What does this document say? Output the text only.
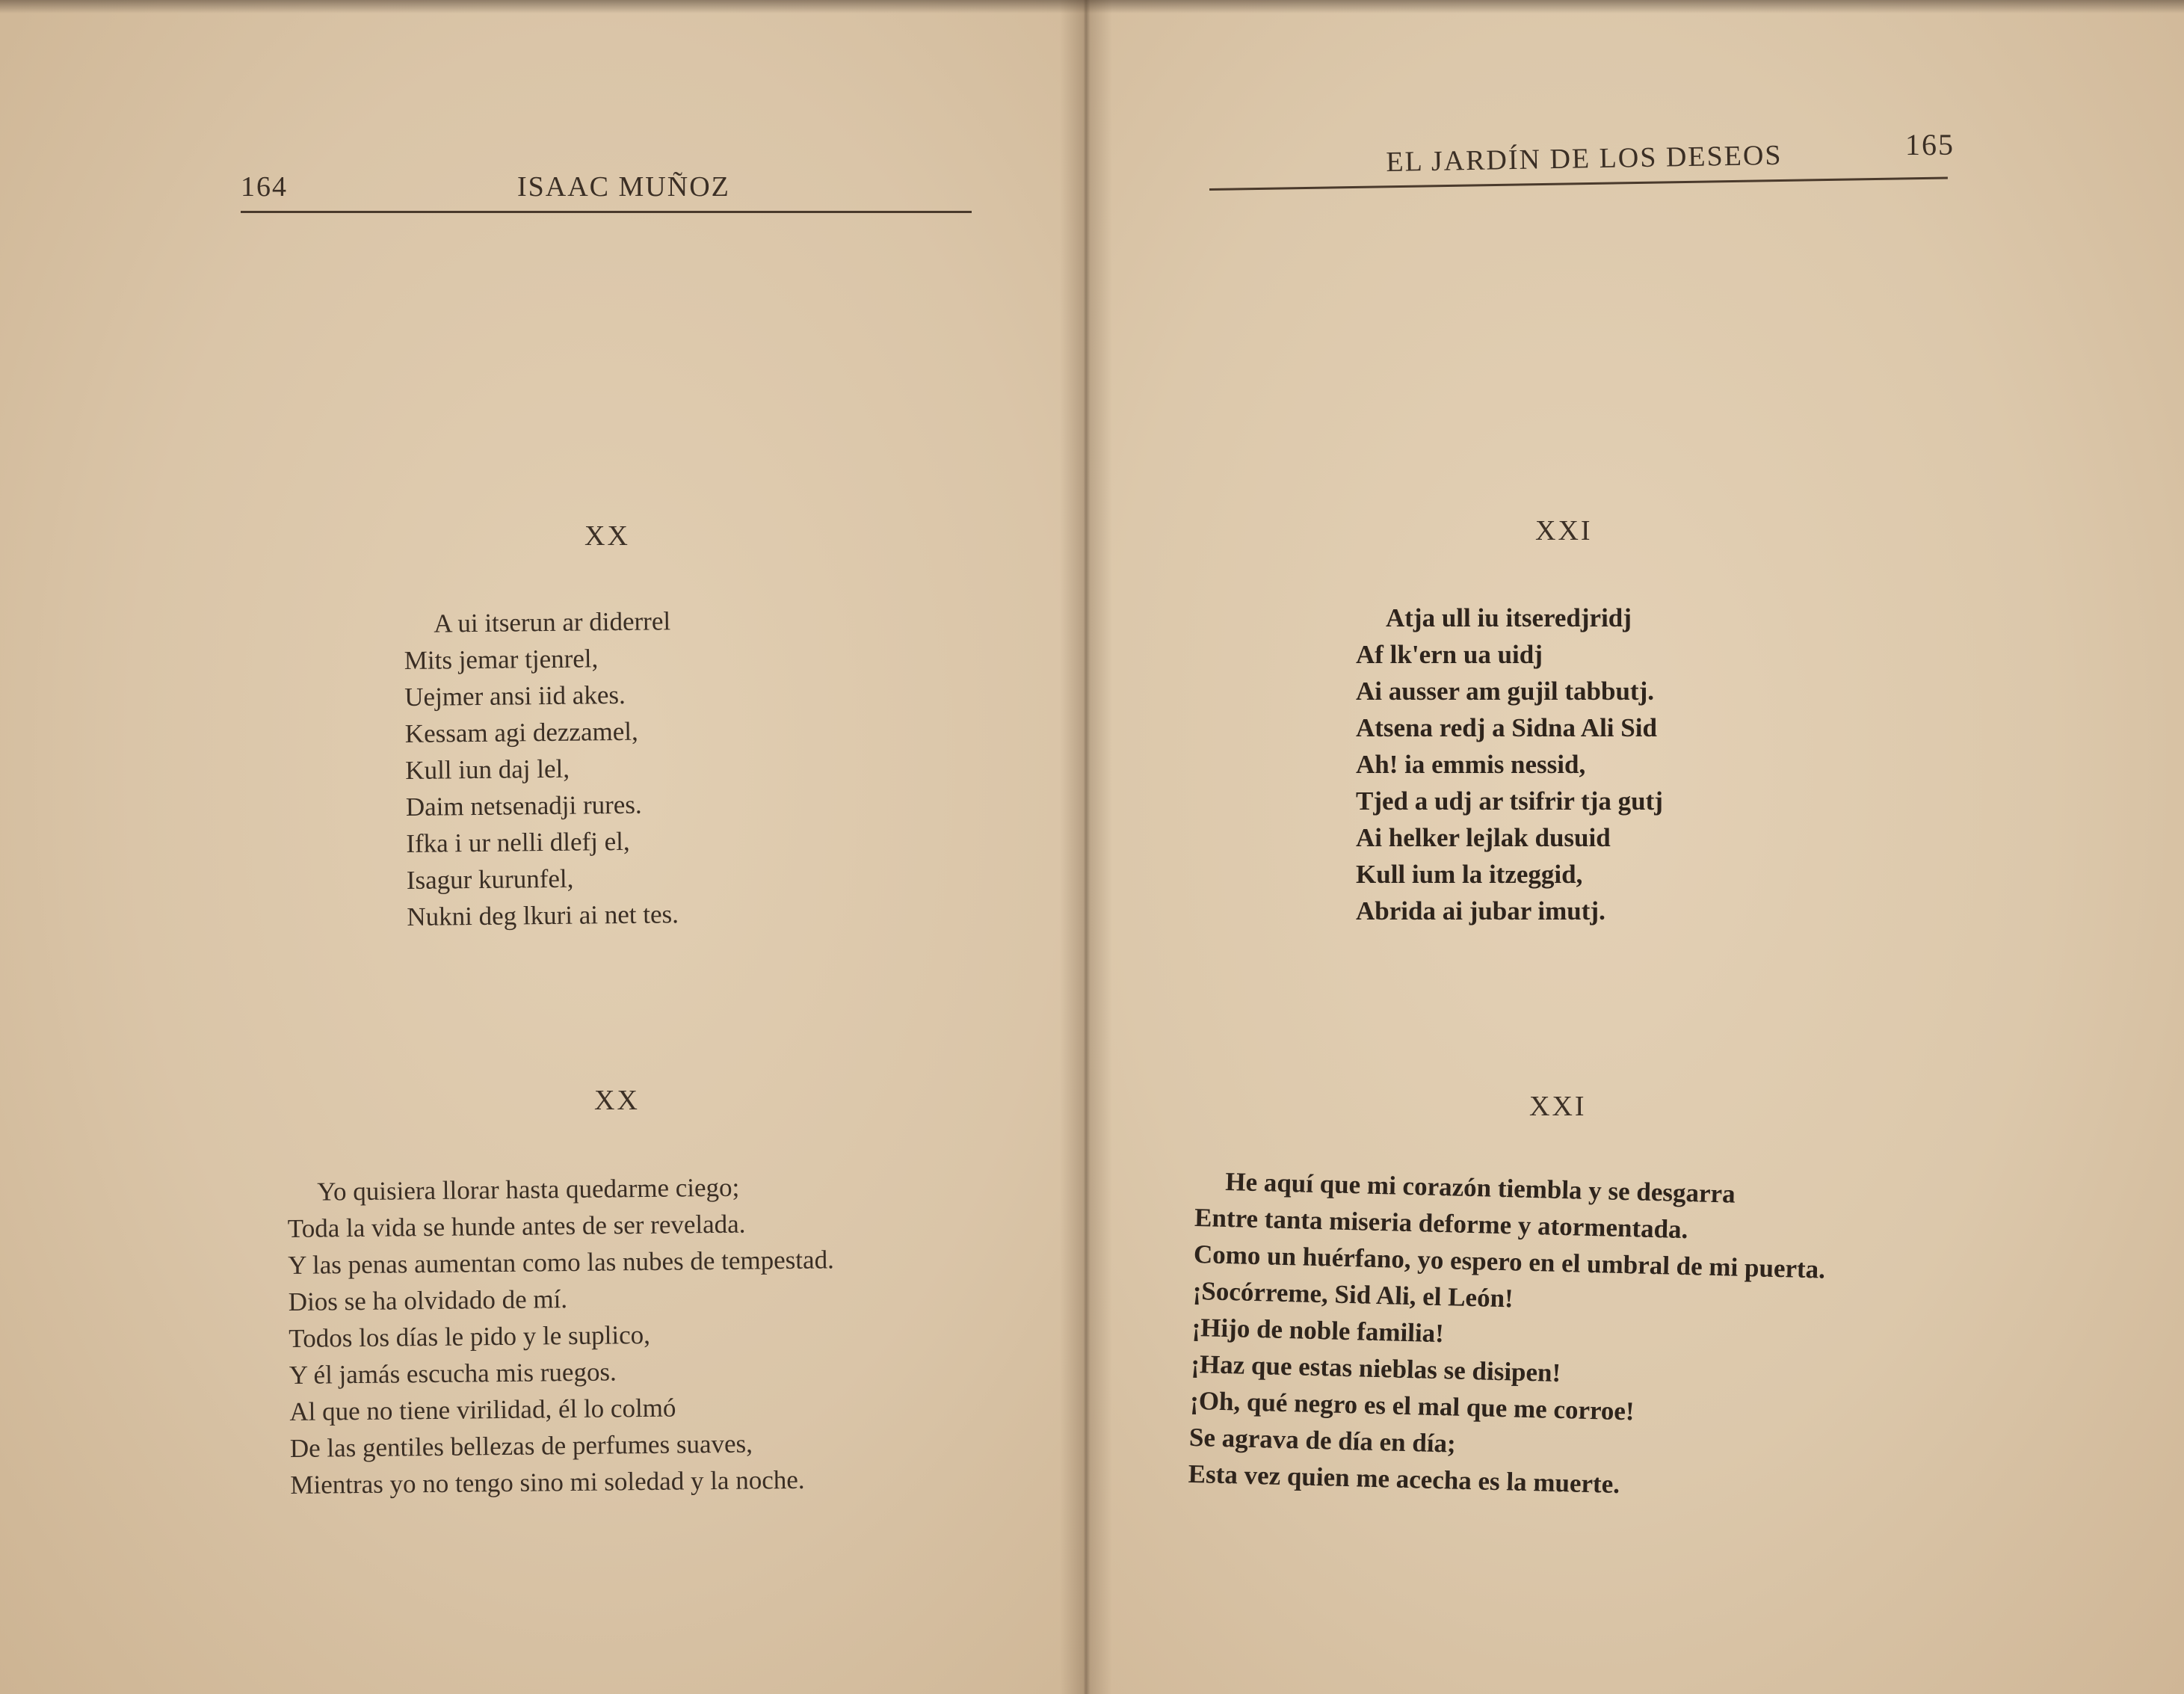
164	ISAAC MUÑOZ
XX
A ui itserun ar diderrel
Mits jemar tjenrel,
Uejmer ansi iid akes.
Kessam agi dezzamel,
Kull iun daj lel,
Daim netsenadji rures.
Ifka i ur nelli dlefj el,
Isagur kurunfel,
Nukni deg lkuri ai net tes.
XX
Yo quisiera llorar hasta quedarme ciego;
Toda la vida se hunde antes de ser revelada.
Y las penas aumentan como las nubes de tempestad.
Dios se ha olvidado de mí.
Todos los días le pido y le suplico,
Y él jamás escucha mis ruegos.
Al que no tiene virilidad, él lo colmó
De las gentiles bellezas de perfumes suaves,
Mientras yo no tengo sino mi soledad y la noche.
EL JARDÍN DE LOS DESEOS	165
XXI
Atja ull iu itseredjridj
Af lk'ern ua uidj
Ai ausser am gujil tabbutj.
Atsena redj a Sidna Ali Sid
Ah! ia emmis nessid,
Tjed a udj ar tsifrir tja gutj
Ai helker lejlak dusuid
Kull ium la itzeggid,
Abrida ai jubar imutj.
XXI
He aquí que mi corazón tiembla y se desgarra
Entre tanta miseria deforme y atormentada.
Como un huérfano, yo espero en el umbral de mi puerta.
¡Socórreme, Sid Ali, el León!
¡Hijo de noble familia!
¡Haz que estas nieblas se disipen!
¡Oh, qué negro es el mal que me corroe!
Se agrava de día en día;
Esta vez quien me acecha es la muerte.
